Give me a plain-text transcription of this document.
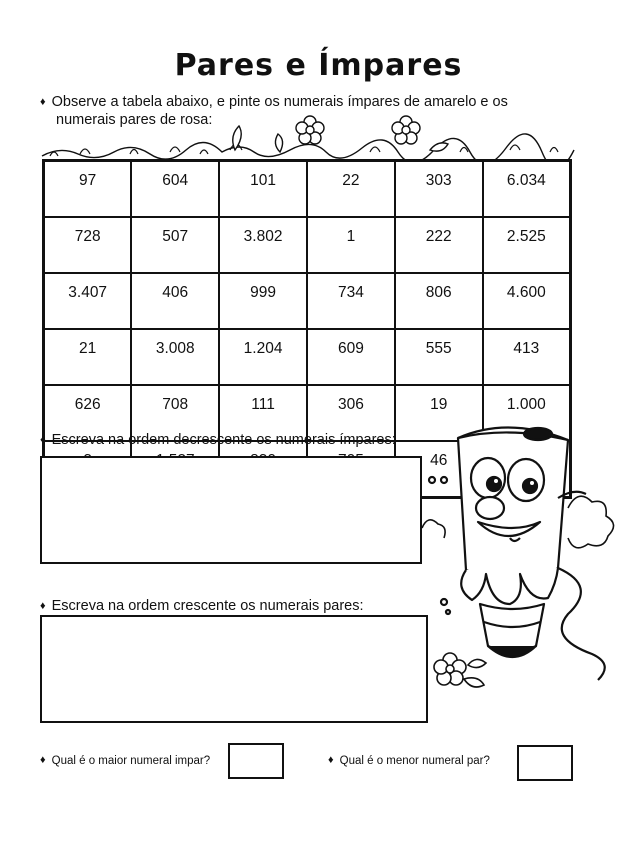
Pares e Ímpares
♦ Observe a tabela abaixo, e pinte os numerais ímpares de amarelo e os
numerais pares de rosa:
97	604	101	22	303	6.034
728	507	3.802	1	222	2.525
3.407	406	999	734	806	4.600
21	3.008	1.204	609	555	413
626	708	111	306	19	1.000
				46	
♦ Escreva na ordem decrescente os numerais ímpares:
♦ Escreva na ordem crescente os numerais pares:
♦ Qual é o maior numeral impar?	♦ Qual é o menor numeral par?
